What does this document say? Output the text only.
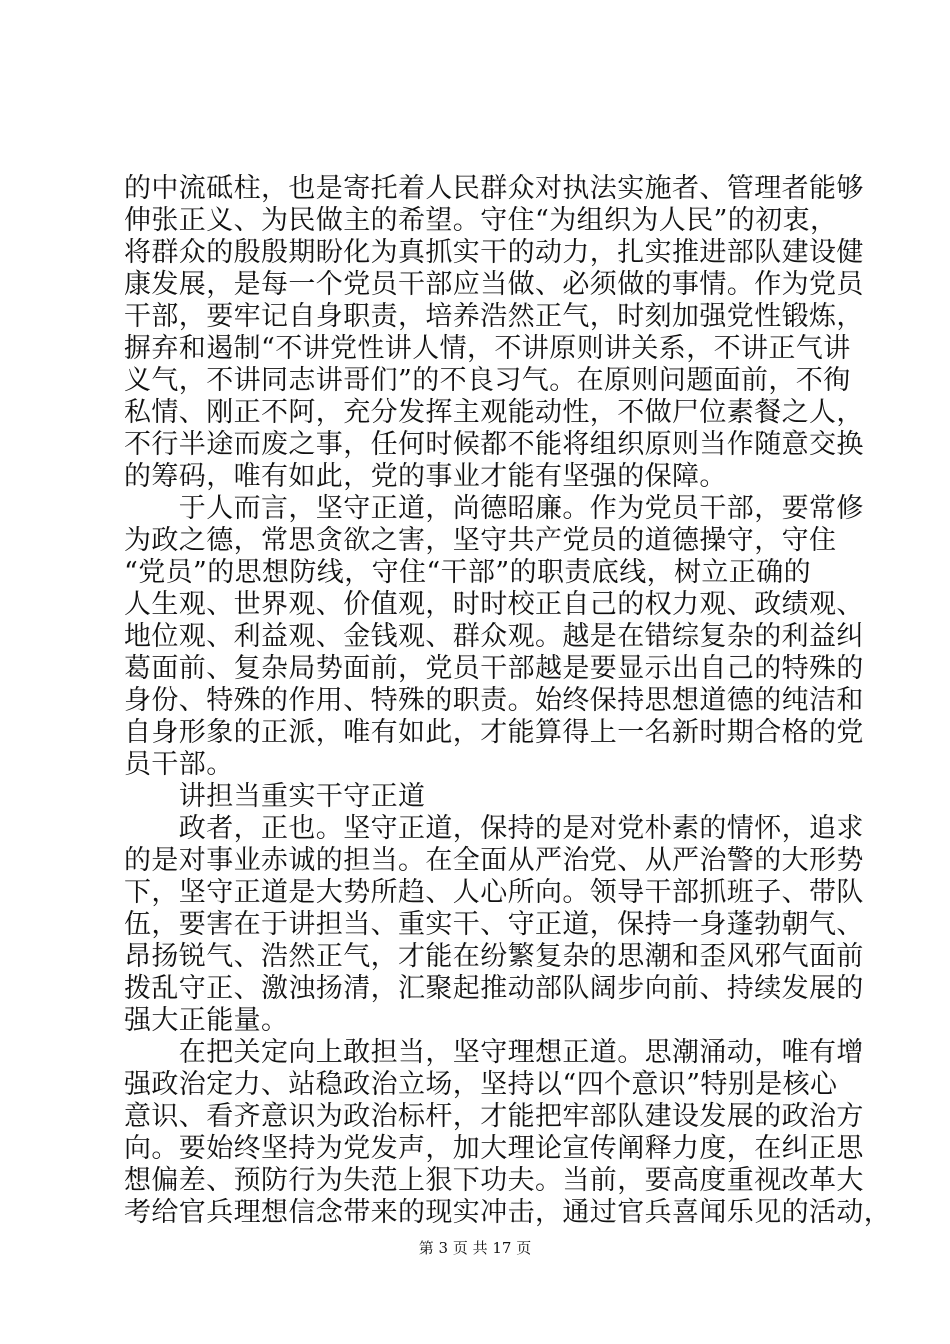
的中流砥柱，也是寄托着人民群众对执法实施者、管理者能够
伸张正义、为民做主的希望。守住“为组织为人民”的初衷，
将群众的殷殷期盼化为真抓实干的动力，扎实推进部队建设健
康发展，是每一个党员干部应当做、必须做的事情。作为党员
干部，要牢记自身职责，培养浩然正气，时刻加强党性锻炼，
摒弃和遏制“不讲党性讲人情，不讲原则讲关系，不讲正气讲
义气，不讲同志讲哥们”的不良习气。在原则问题面前，不徇
私情、刚正不阿，充分发挥主观能动性，不做尸位素餐之人，
不行半途而废之事，任何时候都不能将组织原则当作随意交换
的筹码，唯有如此，党的事业才能有坚强的保障。
　　于人而言，坚守正道，尚德昭廉。作为党员干部，要常修
为政之德，常思贪欲之害，坚守共产党员的道德操守，守住
“党员”的思想防线，守住“干部”的职责底线，树立正确的
人生观、世界观、价值观，时时校正自己的权力观、政绩观、
地位观、利益观、金钱观、群众观。越是在错综复杂的利益纠
葛面前、复杂局势面前，党员干部越是要显示出自己的特殊的
身份、特殊的作用、特殊的职责。始终保持思想道德的纯洁和
自身形象的正派，唯有如此，才能算得上一名新时期合格的党
员干部。
　　讲担当重实干守正道
　　政者，正也。坚守正道，保持的是对党朴素的情怀，追求
的是对事业赤诚的担当。在全面从严治党、从严治警的大形势
下，坚守正道是大势所趋、人心所向。领导干部抓班子、带队
伍，要害在于讲担当、重实干、守正道，保持一身蓬勃朝气、
昂扬锐气、浩然正气，才能在纷繁复杂的思潮和歪风邪气面前
拨乱守正、激浊扬清，汇聚起推动部队阔步向前、持续发展的
强大正能量。
　　在把关定向上敢担当，坚守理想正道。思潮涌动，唯有增
强政治定力、站稳政治立场，坚持以“四个意识”特别是核心
意识、看齐意识为政治标杆，才能把牢部队建设发展的政治方
向。要始终坚持为党发声，加大理论宣传阐释力度，在纠正思
想偏差、预防行为失范上狠下功夫。当前，要高度重视改革大
考给官兵理想信念带来的现实冲击，通过官兵喜闻乐见的活动，
第 3 页 共 17 页
